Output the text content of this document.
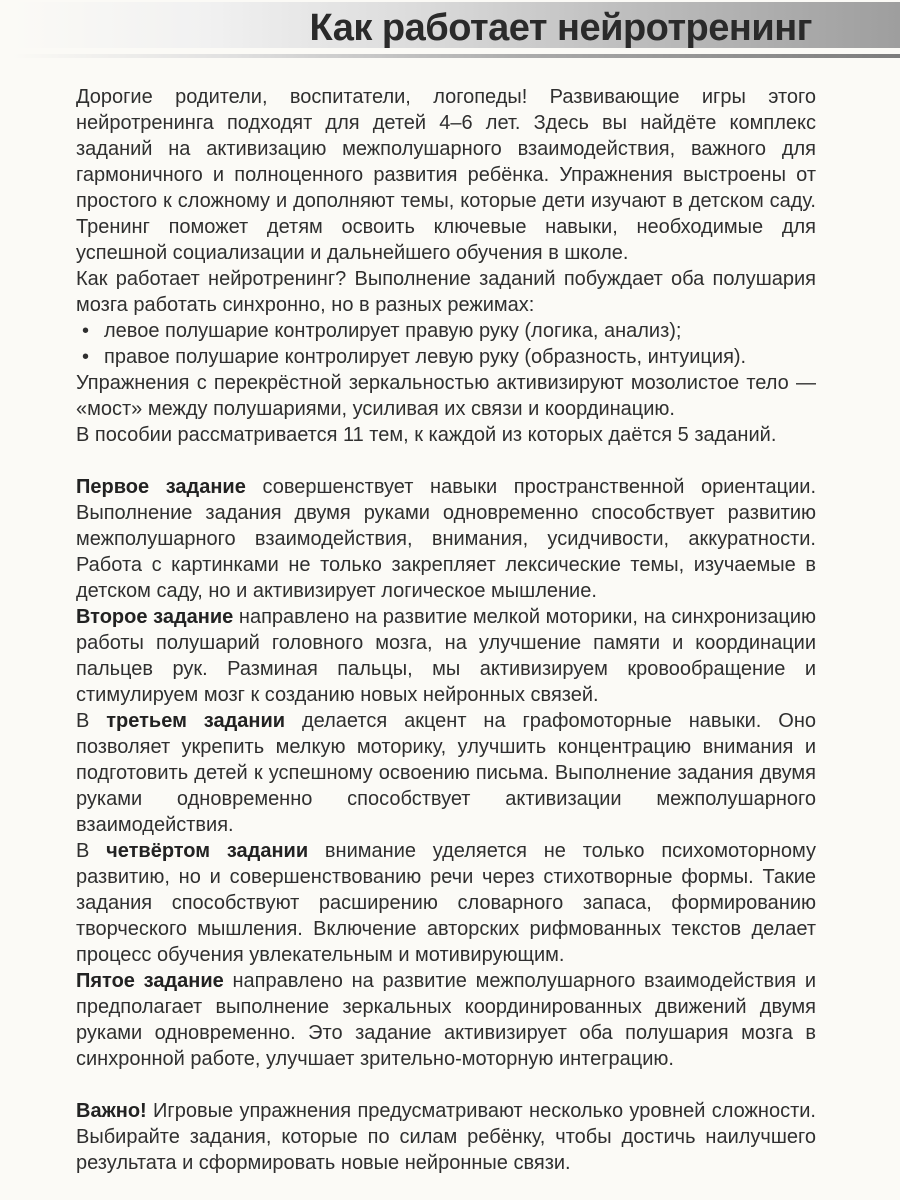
Как работает нейротренинг

Дорогие родители, воспитатели, логопеды! Развивающие игры этого нейротренинга подходят для детей 4–6 лет. Здесь вы найдёте комплекс заданий на активизацию межполушарного взаимодействия, важного для гармоничного и полноценного развития ребёнка. Упражнения выстроены от простого к сложному и дополняют темы, которые дети изучают в детском саду. Тренинг поможет детям освоить ключевые навыки, необходимые для успешной социализации и дальнейшего обучения в школе.

Как работает нейротренинг? Выполнение заданий побуждает оба полушария мозга работать синхронно, но в разных режимах:

• левое полушарие контролирует правую руку (логика, анализ);
• правое полушарие контролирует левую руку (образность, интуиция).

Упражнения с перекрёстной зеркальностью активизируют мозолистое тело — «мост» между полушариями, усиливая их связи и координацию.

В пособии рассматривается 11 тем, к каждой из которых даётся 5 заданий.

Первое задание совершенствует навыки пространственной ориентации. Выполнение задания двумя руками одновременно способствует развитию межполушарного взаимодействия, внимания, усидчивости, аккуратности. Работа с картинками не только закрепляет лексические темы, изучаемые в детском саду, но и активизирует логическое мышление.

Второе задание направлено на развитие мелкой моторики, на синхронизацию работы полушарий головного мозга, на улучшение памяти и координации пальцев рук. Разминая пальцы, мы активизируем кровообращение и стимулируем мозг к созданию новых нейронных связей.

В третьем задании делается акцент на графомоторные навыки. Оно позволяет укрепить мелкую моторику, улучшить концентрацию внимания и подготовить детей к успешному освоению письма. Выполнение задания двумя руками одновременно способствует активизации межполушарного взаимодействия.

В четвёртом задании внимание уделяется не только психомоторному развитию, но и совершенствованию речи через стихотворные формы. Такие задания способствуют расширению словарного запаса, формированию творческого мышления. Включение авторских рифмованных текстов делает процесс обучения увлекательным и мотивирующим.

Пятое задание направлено на развитие межполушарного взаимодействия и предполагает выполнение зеркальных координированных движений двумя руками одновременно. Это задание активизирует оба полушария мозга в синхронной работе, улучшает зрительно-моторную интеграцию.

Важно! Игровые упражнения предусматривают несколько уровней сложности. Выбирайте задания, которые по силам ребёнку, чтобы достичь наилучшего результата и сформировать новые нейронные связи.
